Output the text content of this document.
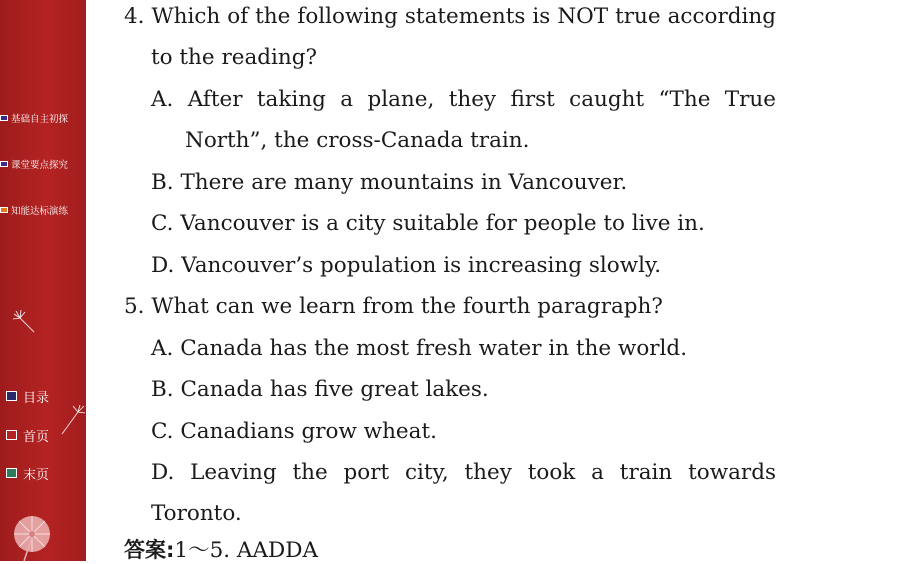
基础自主初探
课堂要点探究
知能达标演练
目录
首页
末页
4. Which of the following statements is NOT true according
to the reading?
A. After taking a plane, they first caught “The True
North”, the cross-Canada train.
B. There are many mountains in Vancouver.
C. Vancouver is a city suitable for people to live in.
D. Vancouver’s population is increasing slowly.
5. What can we learn from the fourth paragraph?
A. Canada has the most fresh water in the world.
B. Canada has five great lakes.
C. Canadians grow wheat.
D. Leaving the port city, they took a train towards
Toronto.
答案:1～5. AADDA
